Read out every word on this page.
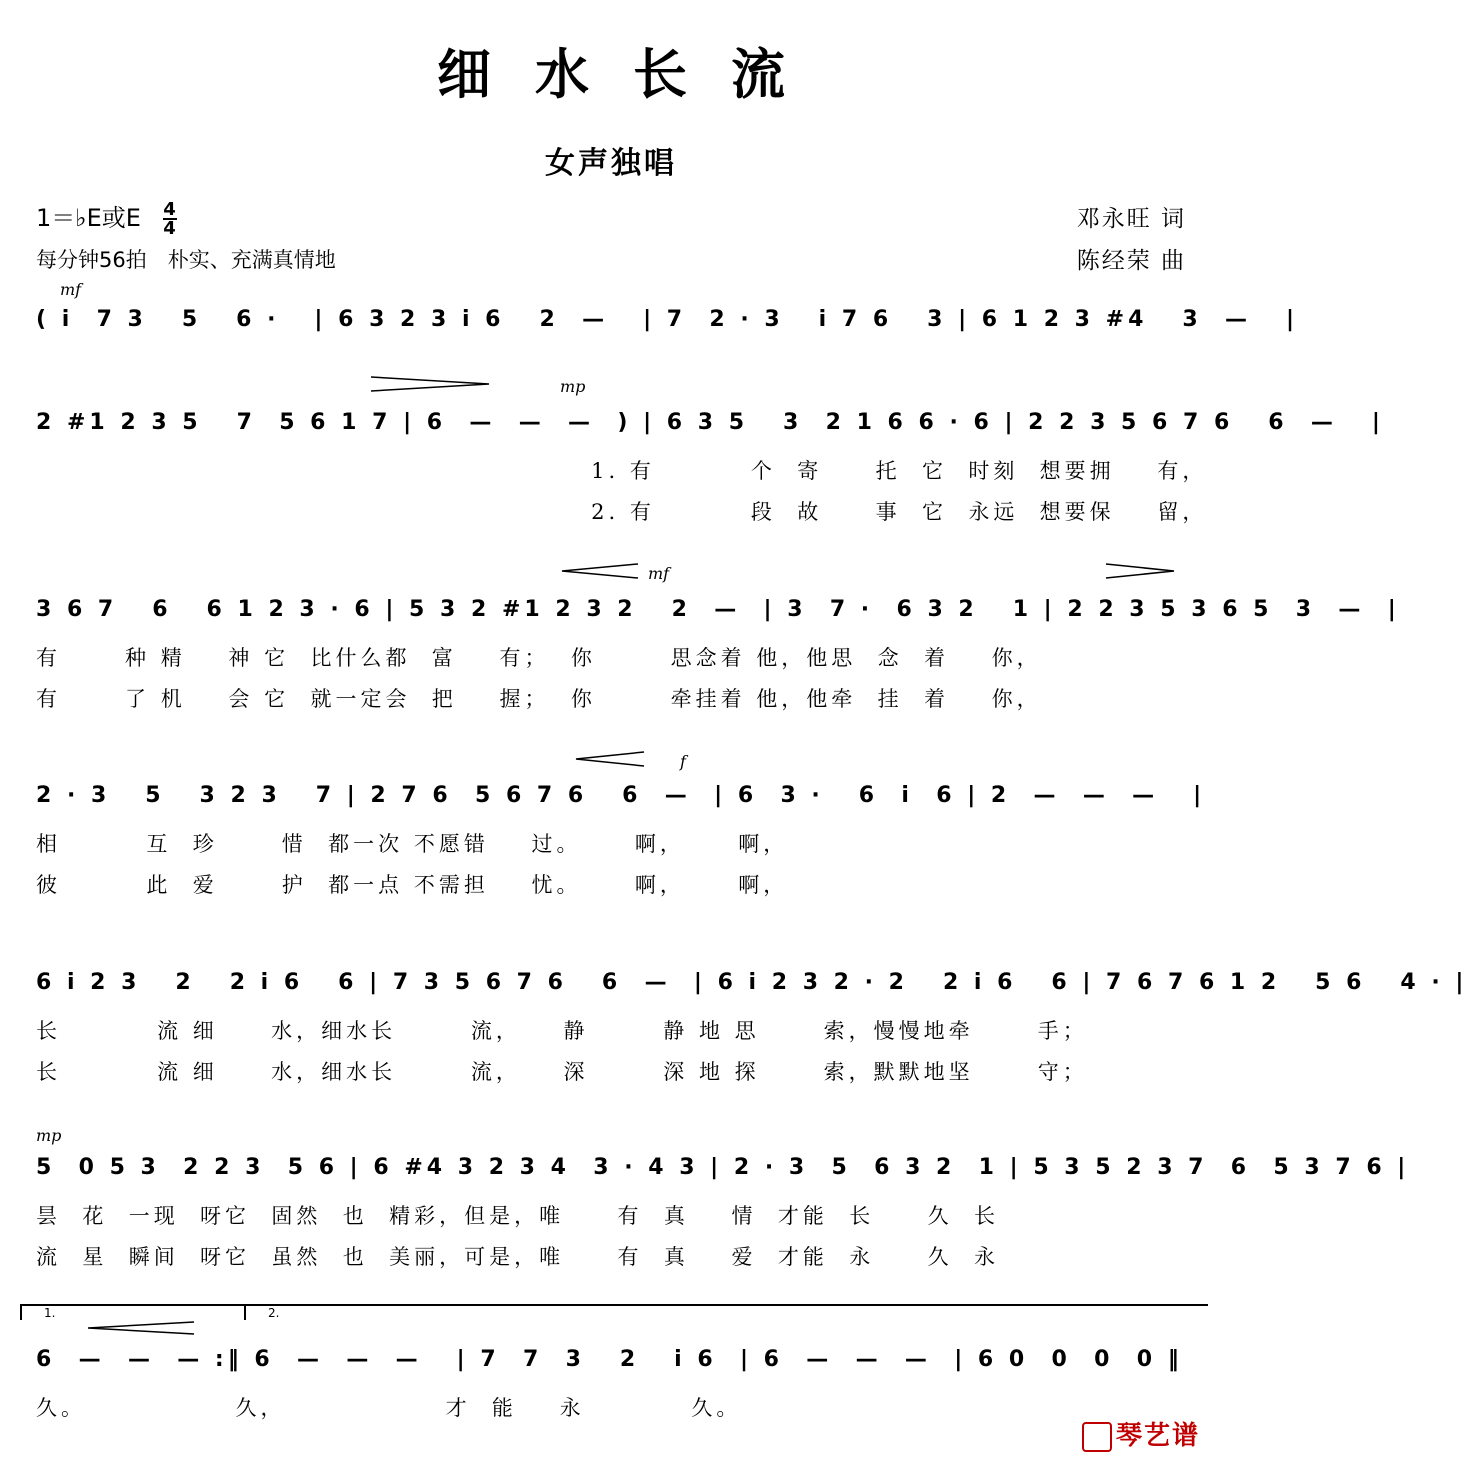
细水长流
女声独唱
1＝♭E或E $\frac{4}{4}$
每分钟56拍　朴实、充满真情地
邓永旺 词
陈经荣 曲
mf
( i  7 3   5   6 ·   | 6 3 2 3 i 6   2  —   | 7  2 · 3   i 7 6   3 | 6 1 2 3 #4   3  —   |
mp
2 #1 2 3 5   7  5 6 1 7 | 6  —  —  —  ) | 6 3 5   3  2 1 6 6 · 6 | 2 2 3 5 6 7 6   6  —   |
1. 有         个  寄     托  它  时刻  想要拥    有，
2. 有         段  故     事  它  永远  想要保    留，
mf
3 6 7   6   6 1 2 3 · 6 | 5 3 2 #1 2 3 2   2  —  | 3  7 ·  6 3 2   1 | 2 2 3 5 3 6 5  3  —  |
有      种 精    神 它  比什么都  富    有；  你       思念着 他，他思  念  着    你，
有      了 机    会 它  就一定会  把    握；  你       牵挂着 他，他牵  挂  着    你，
f
2 · 3   5   3 2 3   7 | 2 7 6  5 6 7 6   6  —  | 6  3 ·   6  i  6 | 2  —  —  —   |
相        互  珍      惜  都一次 不愿错    过。     啊，     啊，
彼        此  爱      护  都一点 不需担    忧。     啊，     啊，
6 i 2 3   2   2 i 6   6 | 7 3 5 6 7 6   6  —  | 6 i 2 3 2 · 2   2 i 6   6 | 7 6 7 6 1 2   5 6   4 · |
长         流 细     水，细水长       流，    静       静 地 思      索，慢慢地牵      手；
长         流 细     水，细水长       流，    深       深 地 探      索，默默地坚      守；
mp
5  0 5 3  2 2 3  5 6 | 6 #4 3 2 3 4  3 · 4 3 | 2 · 3  5  6 3 2  1 | 5 3 5 2 3 7  6  5 3 7 6 |
昙  花  一现  呀它  固然  也  精彩，但是，唯     有  真    情  才能  长     久  长
流  星  瞬间  呀它  虽然  也  美丽，可是，唯     有  真    爱  才能  永     久  永
1.	2.
6  —  —  — :‖ 6  —  —  —   | 7  7  3   2   i 6  | 6  —  —  —  | 6 0  0  0  0 ‖
久。              久，               才  能    永          久。
琴艺谱
